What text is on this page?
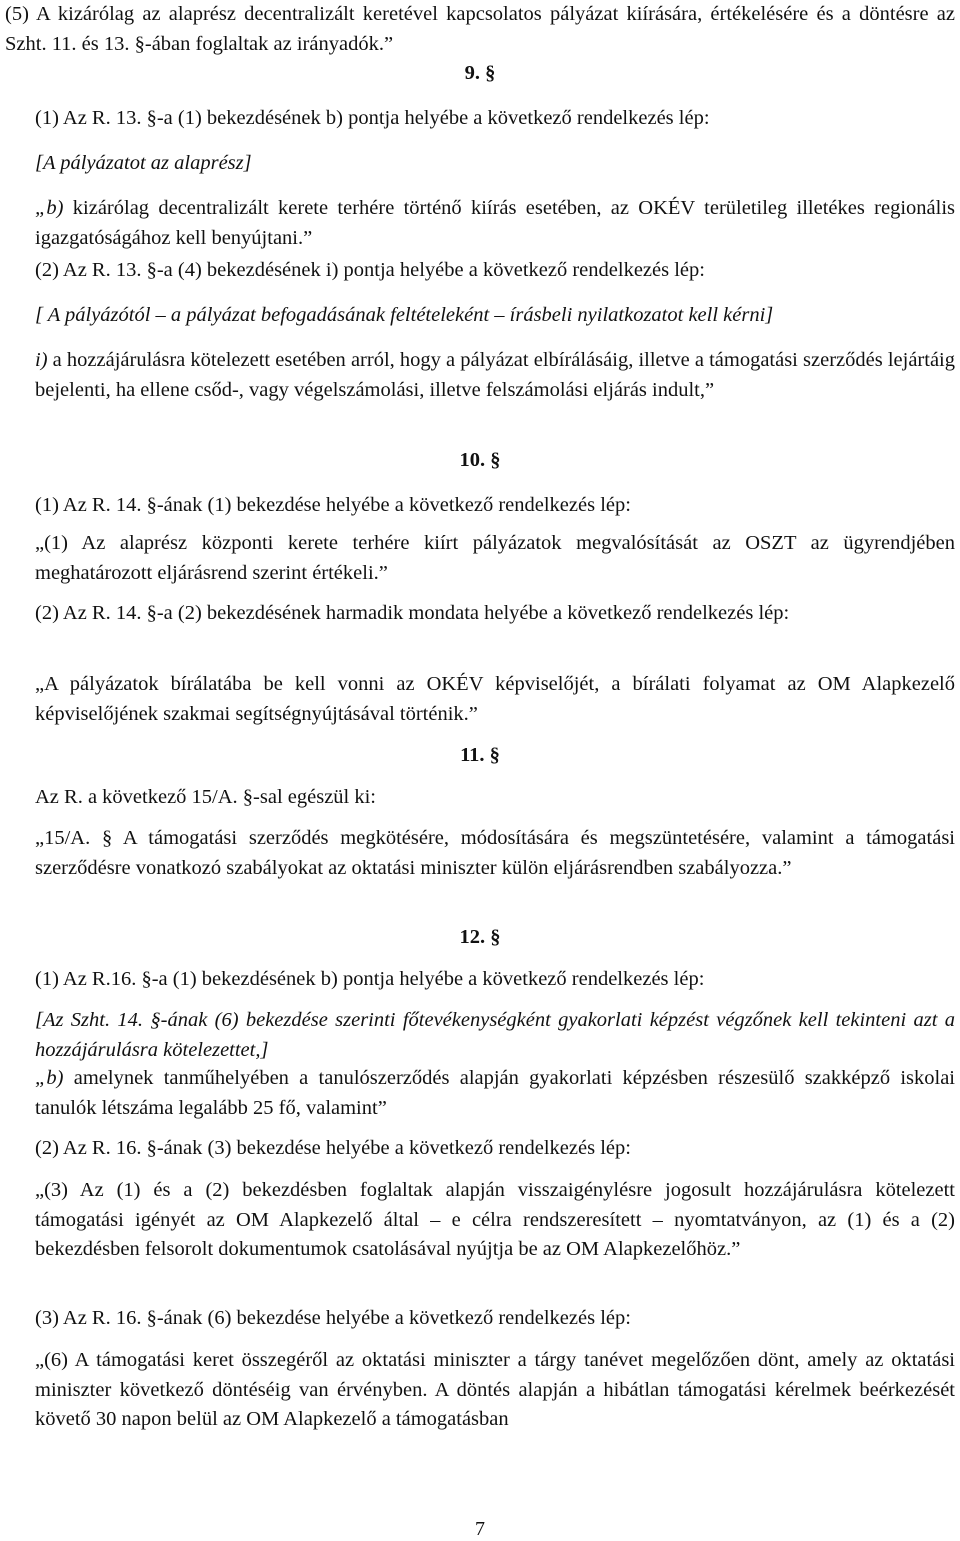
(5) A kizárólag az alaprész decentralizált keretével kapcsolatos pályázat kiírására, értékelésére és a döntésre az Szht. 11. és 13. §-ában foglaltak az irányadók.”

9. §

(1) Az R. 13. §-a (1) bekezdésének b) pontja helyébe a következő rendelkezés lép:

[A pályázatot az alaprész]

„b) kizárólag decentralizált kerete terhére történő kiírás esetében, az OKÉV területileg illetékes regionális igazgatóságához kell benyújtani.”

(2) Az R. 13. §-a (4) bekezdésének i) pontja helyébe a következő rendelkezés lép:

[ A pályázótól – a pályázat befogadásának feltételeként – írásbeli nyilatkozatot kell kérni]

i) a hozzájárulásra kötelezett esetében arról, hogy a pályázat elbírálásáig, illetve a támogatási szerződés lejártáig bejelenti, ha ellene csőd-, vagy végelszámolási, illetve felszámolási eljárás indult,”

10. §

(1) Az R. 14. §-ának (1) bekezdése helyébe a következő rendelkezés lép:

„(1) Az alaprész központi kerete terhére kiírt pályázatok megvalósítását az OSZT az ügyrendjében meghatározott eljárásrend szerint értékeli.”

(2) Az R. 14. §-a (2) bekezdésének harmadik mondata helyébe a következő rendelkezés lép:

„A pályázatok bírálatába be kell vonni az OKÉV képviselőjét, a bírálati folyamat az OM Alapkezelő képviselőjének szakmai segítségnyújtásával történik.”

11. §

Az R. a következő 15/A. §-sal egészül ki:

„15/A. § A támogatási szerződés megkötésére, módosítására és megszüntetésére, valamint a támogatási szerződésre vonatkozó szabályokat az oktatási miniszter külön eljárásrendben szabályozza.”

12. §

(1) Az R.16. §-a (1) bekezdésének b) pontja helyébe a következő rendelkezés lép:

[Az Szht. 14. §-ának (6) bekezdése szerinti főtevékenységként gyakorlati képzést végzőnek kell tekinteni azt a hozzájárulásra kötelezettet,]

„b) amelynek tanműhelyében a tanulószerződés alapján gyakorlati képzésben részesülő szakképző iskolai tanulók létszáma legalább 25 fő, valamint”

(2) Az R. 16. §-ának (3) bekezdése helyébe a következő rendelkezés lép:

„(3) Az (1) és a (2) bekezdésben foglaltak alapján visszaigénylésre jogosult hozzájárulásra kötelezett támogatási igényét az OM Alapkezelő által – e célra rendszeresített – nyomtatványon, az (1) és a (2) bekezdésben felsorolt dokumentumok csatolásával nyújtja be az OM Alapkezelőhöz.”

(3) Az R. 16. §-ának (6) bekezdése helyébe a következő rendelkezés lép:

„(6) A támogatási keret összegéről az oktatási miniszter a tárgy tanévet megelőzően dönt, amely az oktatási miniszter következő döntéséig van érvényben. A döntés alapján a hibátlan támogatási kérelmek beérkezését követő 30 napon belül az OM Alapkezelő a támogatásban

7
